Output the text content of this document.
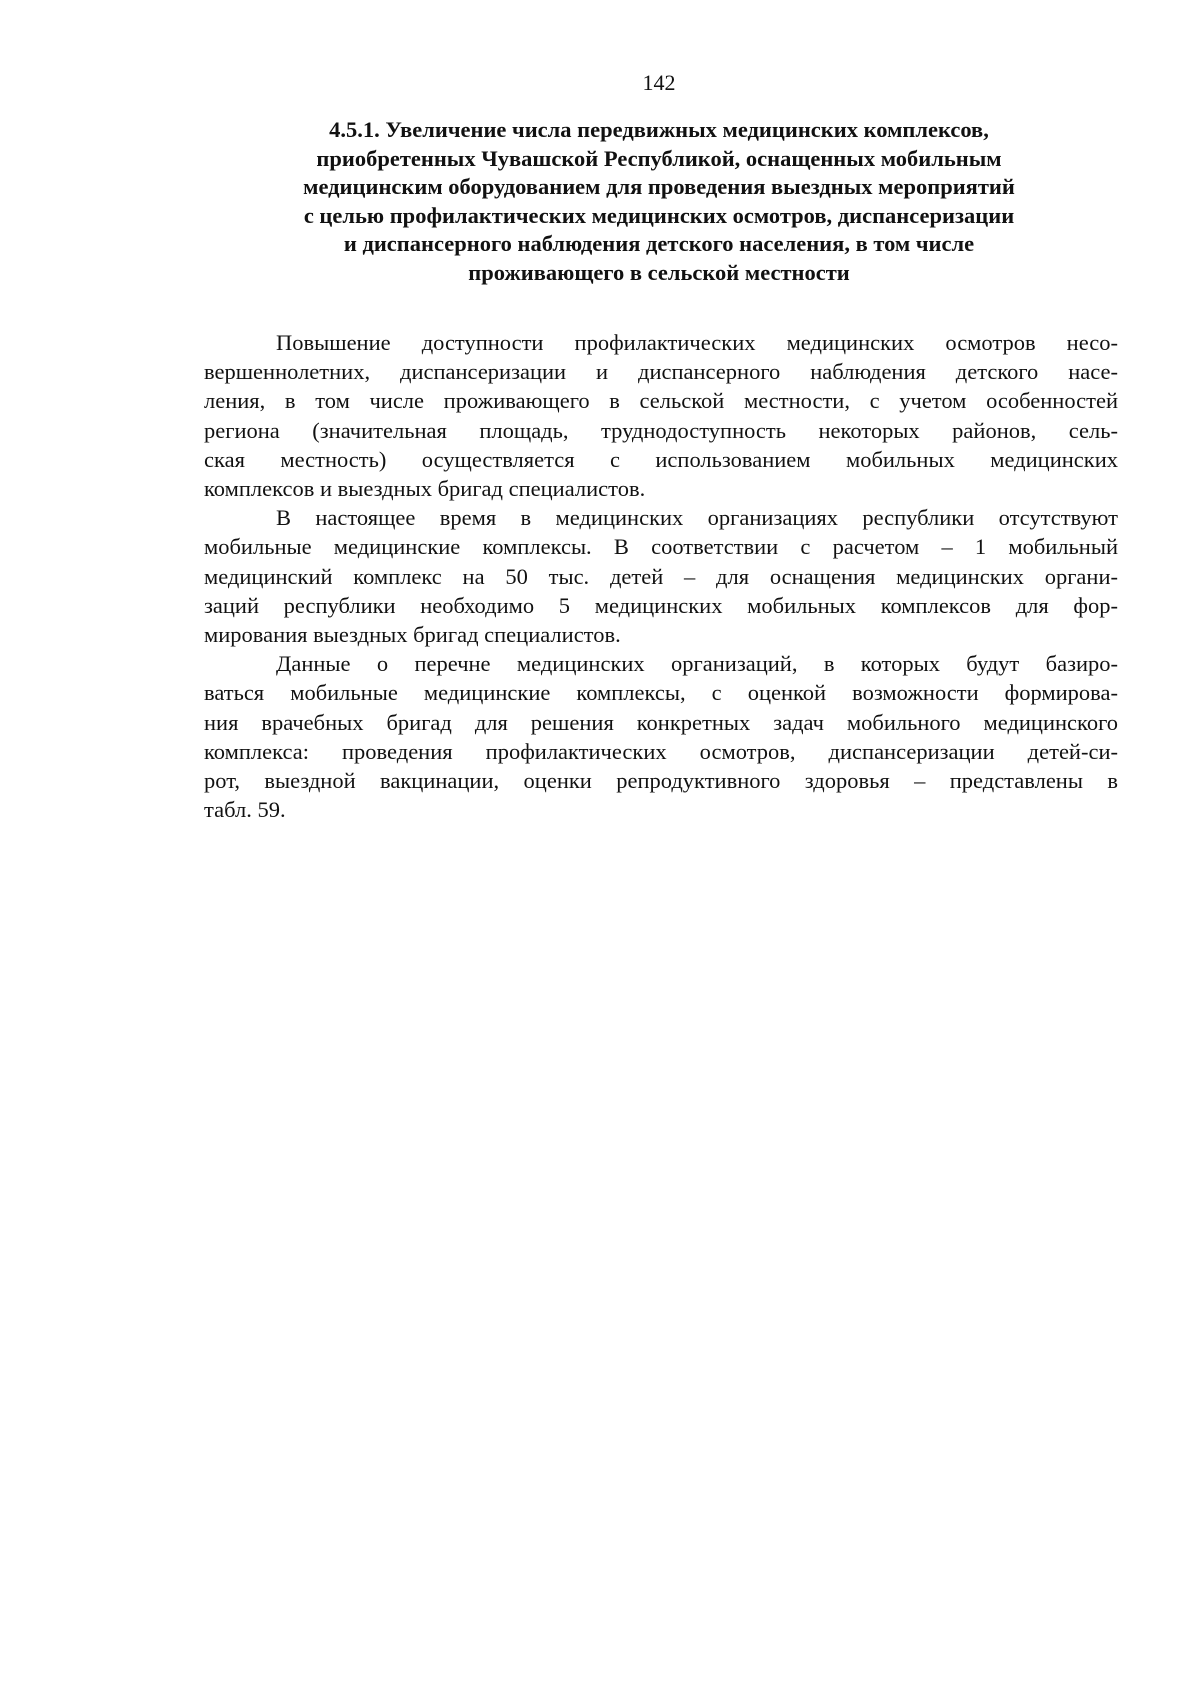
142
4.5.1. Увеличение числа передвижных медицинских комплексов,
приобретенных Чувашской Республикой, оснащенных мобильным
медицинским оборудованием для проведения выездных мероприятий
с целью профилактических медицинских осмотров, диспансеризации
и диспансерного наблюдения детского населения, в том числе
проживающего в сельской местности
Повышение доступности профилактических медицинских осмотров несо-
вершеннолетних, диспансеризации и диспансерного наблюдения детского насе-
ления, в том числе проживающего в сельской местности, с учетом особенностей
региона (значительная площадь, труднодоступность некоторых районов, сель-
ская местность) осуществляется с использованием мобильных медицинских
комплексов и выездных бригад специалистов.
В настоящее время в медицинских организациях республики отсутствуют
мобильные медицинские комплексы. В соответствии с расчетом – 1 мобильный
медицинский комплекс на 50 тыс. детей – для оснащения медицинских органи-
заций республики необходимо 5 медицинских мобильных комплексов для фор-
мирования выездных бригад специалистов.
Данные о перечне медицинских организаций, в которых будут базиро-
ваться мобильные медицинские комплексы, с оценкой возможности формирова-
ния врачебных бригад для решения конкретных задач мобильного медицинского
комплекса: проведения профилактических осмотров, диспансеризации детей-си-
рот, выездной вакцинации, оценки репродуктивного здоровья – представлены в
табл. 59.
